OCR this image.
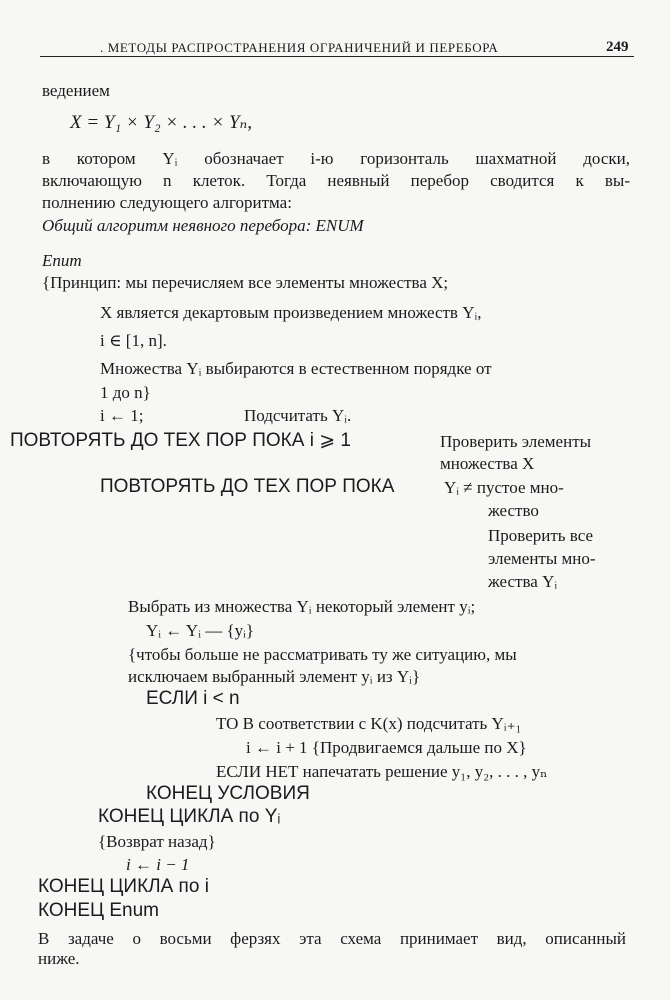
. МЕТОДЫ РАСПРОСТРАНЕНИЯ ОГРАНИЧЕНИЙ И ПЕРЕБОРА	249
ведением
X = Y₁ × Y₂ × . . . × Yₙ,
в котором Yᵢ обозначает i-ю горизонталь шахматной доски,
включающую n клеток. Тогда неявный перебор сводится к вы-
полнению следующего алгоритма:
Общий алгоритм неявного перебора: ENUM
Enum
{Принцип: мы перечисляем все элементы множества X;
X является декартовым произведением множеств Yᵢ,
i ∈ [1, n].
Множества Yᵢ выбираются в естественном порядке от
1 до n}
i ← 1;	Подсчитать Yᵢ.
ПОВТОРЯТЬ ДО ТЕХ ПОР ПОКА i ⩾ 1	Проверить элементы
множества X
ПОВТОРЯТЬ ДО ТЕХ ПОР ПОКА	Yᵢ ≠ пустое мно-
жество
Проверить все
элементы мно-
жества Yᵢ
Выбрать из множества Yᵢ некоторый элемент yᵢ;
Yᵢ ← Yᵢ — {yᵢ}
{чтобы больше не рассматривать ту же ситуацию, мы
исключаем выбранный элемент yᵢ из Yᵢ}
ЕСЛИ i < n
ТО В соответствии с K(x) подсчитать Yᵢ₊₁
i ← i + 1 {Продвигаемся дальше по X}
ЕСЛИ НЕТ напечатать решение y₁, y₂, . . . , yₙ
КОНЕЦ УСЛОВИЯ
КОНЕЦ ЦИКЛА по Yᵢ
{Возврат назад}
i ← i − 1
КОНЕЦ ЦИКЛА по i
КОНЕЦ Enum
В задаче о восьми ферзях эта схема принимает вид, описанный
ниже.
